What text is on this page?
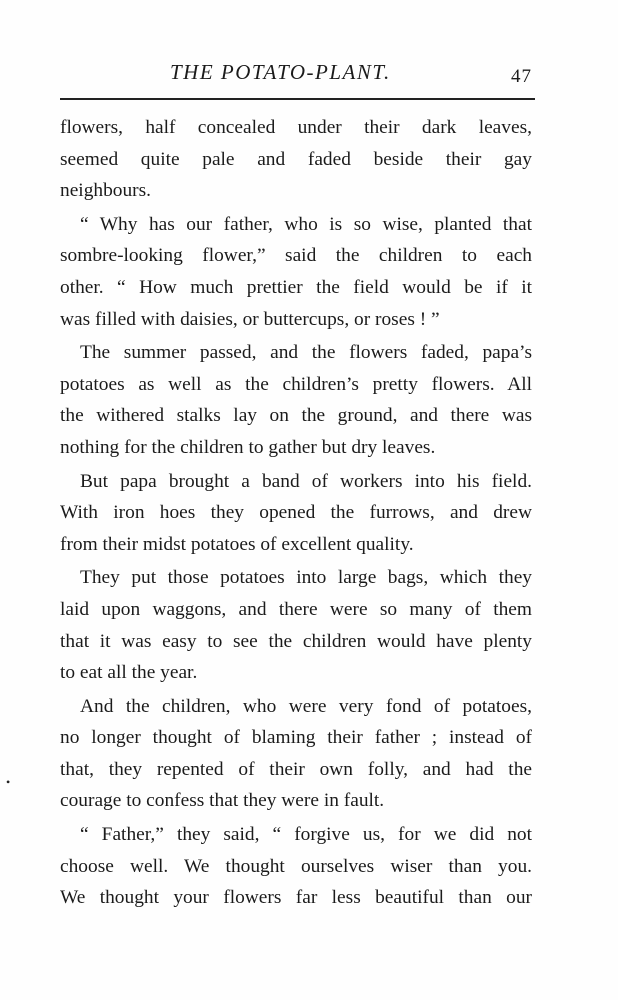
THE POTATO-PLANT.	47

flowers, half concealed under their dark leaves,
seemed quite pale and faded beside their gay
neighbours.

“ Why has our father, who is so wise, planted that
sombre-looking flower,” said the children to each
other. “ How much prettier the field would be if it
was filled with daisies, or buttercups, or roses ! ”

The summer passed, and the flowers faded, papa’s
potatoes as well as the children’s pretty flowers. All
the withered stalks lay on the ground, and there was
nothing for the children to gather but dry leaves.

But papa brought a band of workers into his field.
With iron hoes they opened the furrows, and drew
from their midst potatoes of excellent quality.

They put those potatoes into large bags, which they
laid upon waggons, and there were so many of them
that it was easy to see the children would have plenty
to eat all the year.

And the children, who were very fond of potatoes,
no longer thought of blaming their father ; instead of
that, they repented of their own folly, and had the
courage to confess that they were in fault.

“ Father,” they said, “ forgive us, for we did not
choose well. We thought ourselves wiser than you.
We thought your flowers far less beautiful than our

•
